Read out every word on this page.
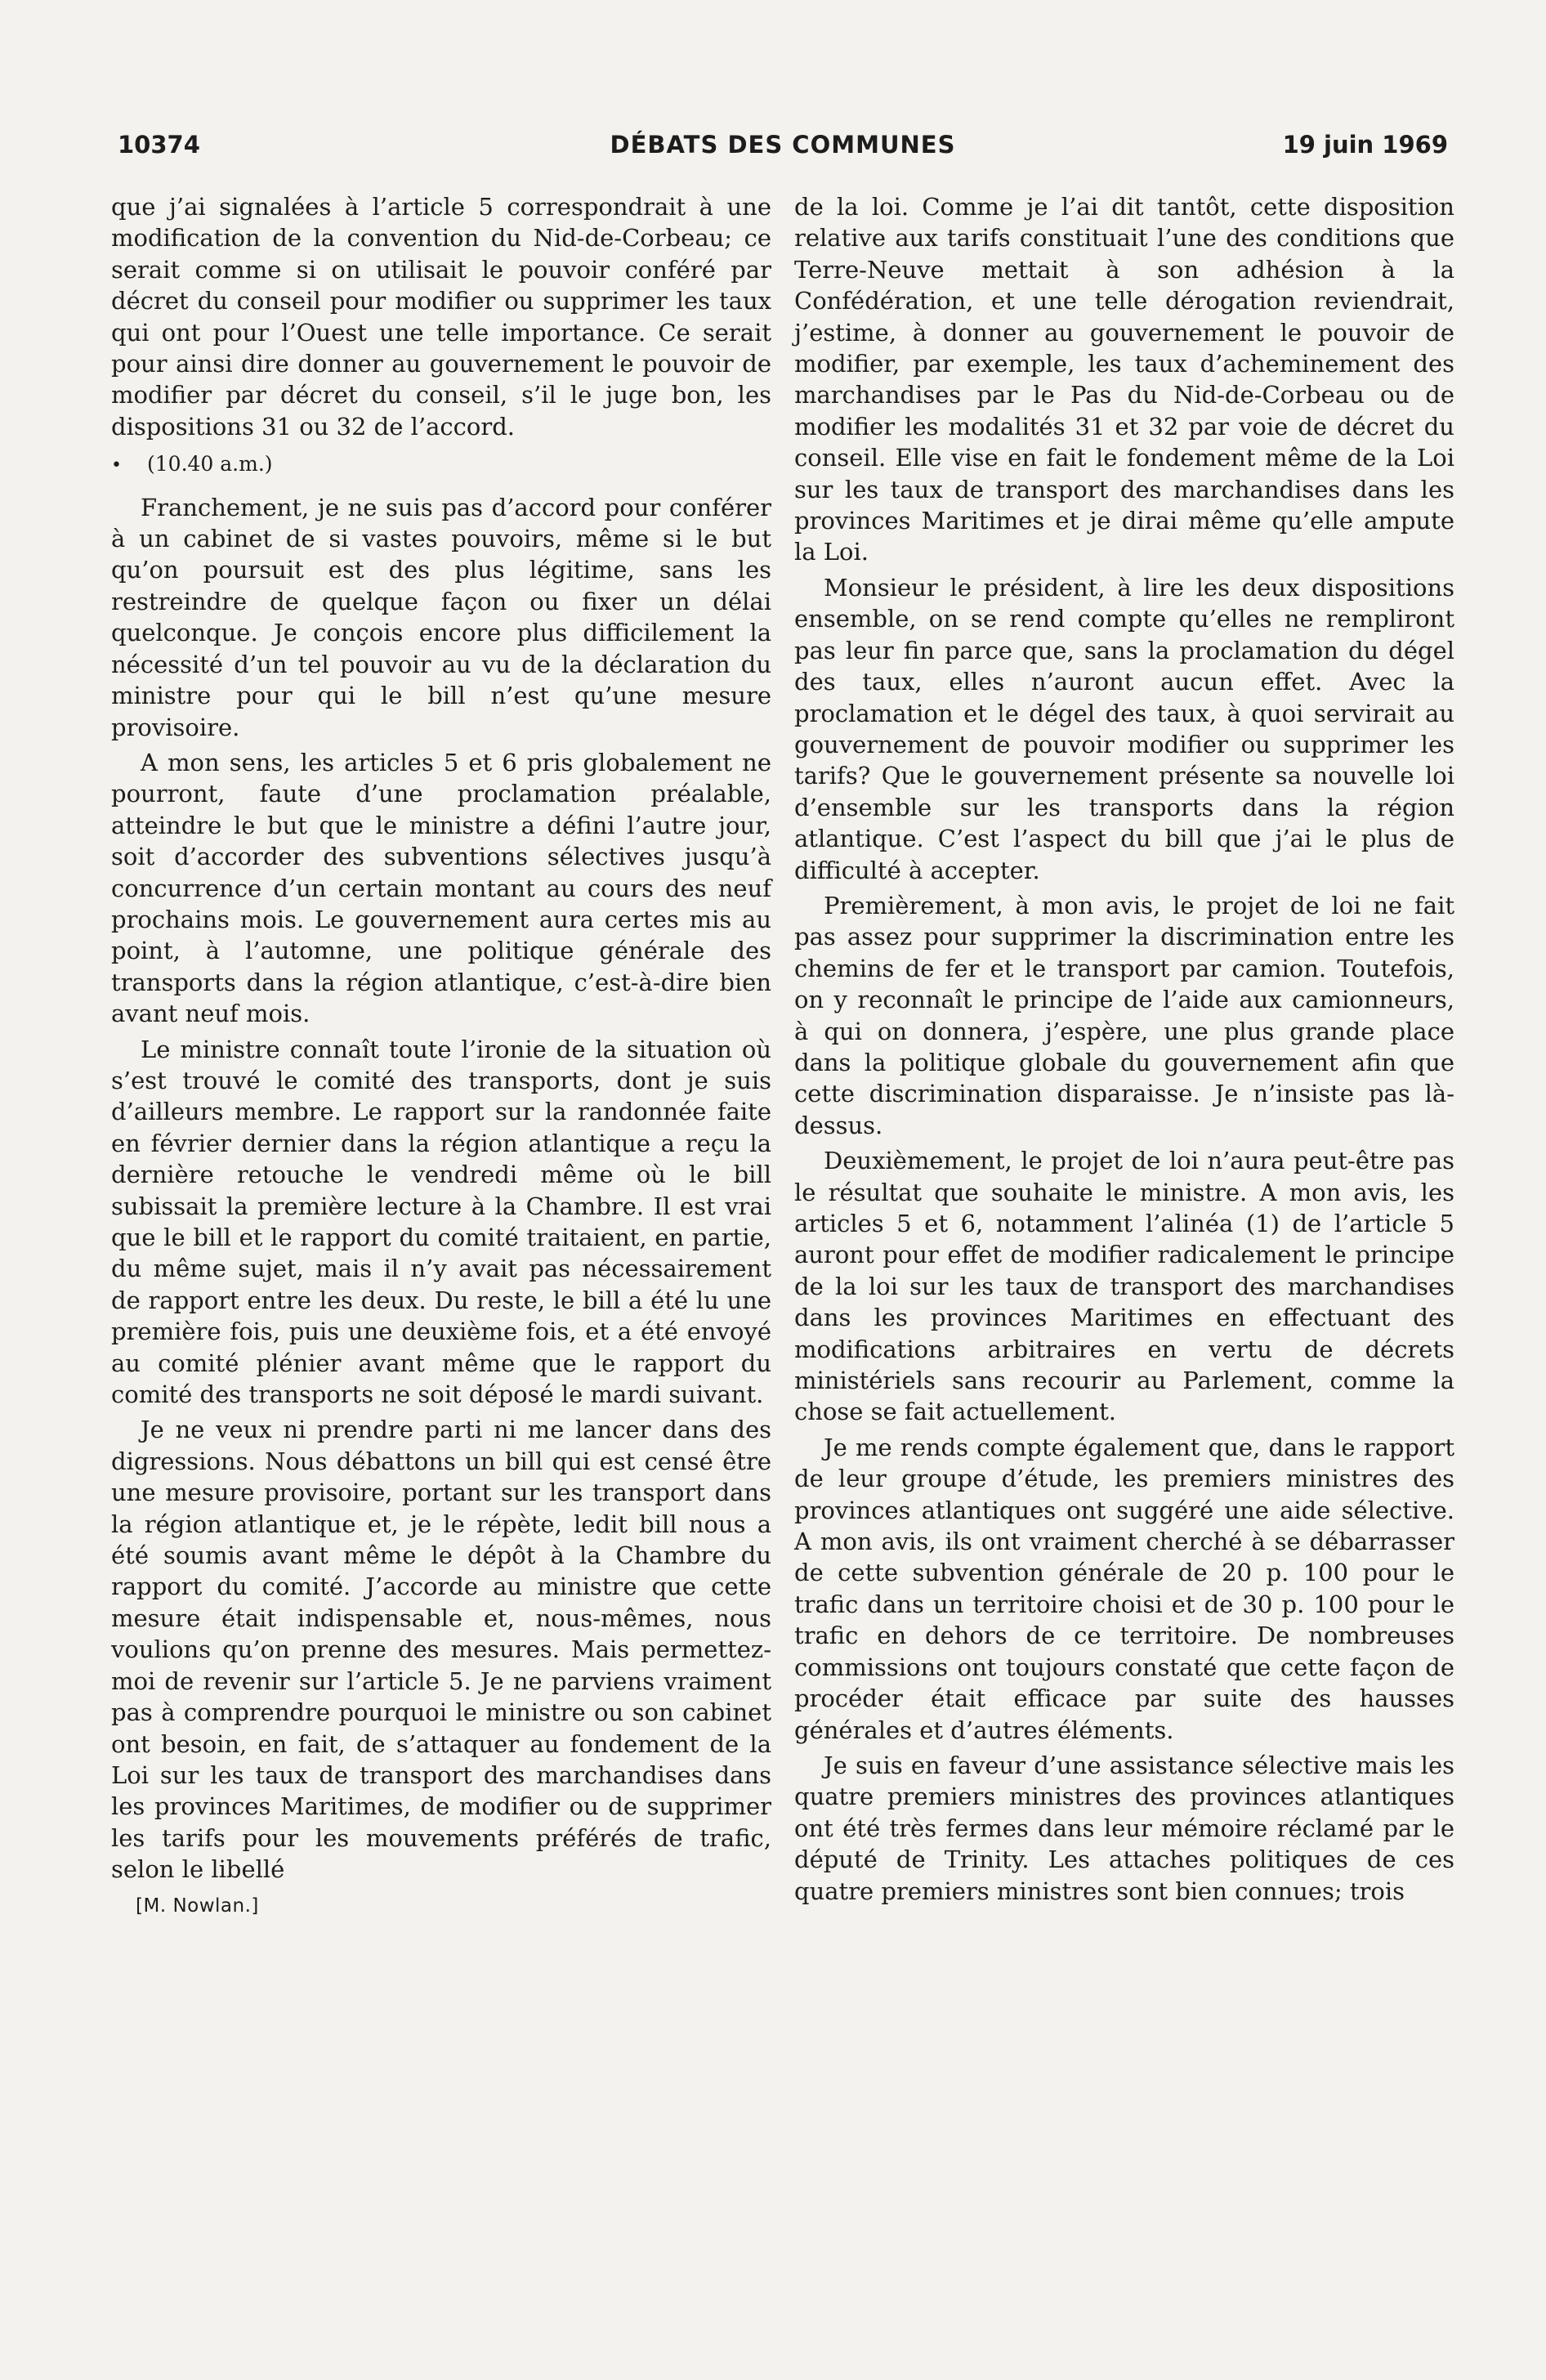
10374	DÉBATS DES COMMUNES	19 juin 1969

que j’ai signalées à l’article 5 correspondrait à une modification de la convention du Nid-de-Corbeau; ce serait comme si on utilisait le pouvoir conféré par décret du conseil pour modifier ou supprimer les taux qui ont pour l’Ouest une telle importance. Ce serait pour ainsi dire donner au gouvernement le pouvoir de modifier par décret du conseil, s’il le juge bon, les dispositions 31 ou 32 de l’accord.

• (10.40 a.m.)

Franchement, je ne suis pas d’accord pour conférer à un cabinet de si vastes pouvoirs, même si le but qu’on poursuit est des plus légitime, sans les restreindre de quelque façon ou fixer un délai quelconque. Je conçois encore plus difficilement la nécessité d’un tel pouvoir au vu de la déclaration du ministre pour qui le bill n’est qu’une mesure provisoire.

A mon sens, les articles 5 et 6 pris globalement ne pourront, faute d’une proclamation préalable, atteindre le but que le ministre a défini l’autre jour, soit d’accorder des subventions sélectives jusqu’à concurrence d’un certain montant au cours des neuf prochains mois. Le gouvernement aura certes mis au point, à l’automne, une politique générale des transports dans la région atlantique, c’est-à-dire bien avant neuf mois.

Le ministre connaît toute l’ironie de la situation où s’est trouvé le comité des transports, dont je suis d’ailleurs membre. Le rapport sur la randonnée faite en février dernier dans la région atlantique a reçu la dernière retouche le vendredi même où le bill subissait la première lecture à la Chambre. Il est vrai que le bill et le rapport du comité traitaient, en partie, du même sujet, mais il n’y avait pas nécessairement de rapport entre les deux. Du reste, le bill a été lu une première fois, puis une deuxième fois, et a été envoyé au comité plénier avant même que le rapport du comité des transports ne soit déposé le mardi suivant.

Je ne veux ni prendre parti ni me lancer dans des digressions. Nous débattons un bill qui est censé être une mesure provisoire, portant sur les transport dans la région atlantique et, je le répète, ledit bill nous a été soumis avant même le dépôt à la Chambre du rapport du comité. J’accorde au ministre que cette mesure était indispensable et, nous-mêmes, nous voulions qu’on prenne des mesures. Mais permettez-moi de revenir sur l’article 5. Je ne parviens vraiment pas à comprendre pourquoi le ministre ou son cabinet ont besoin, en fait, de s’attaquer au fondement de la Loi sur les taux de transport des marchandises dans les provinces Maritimes, de modifier ou de supprimer les tarifs pour les mouvements préférés de trafic, selon le libellé

[M. Nowlan.]

de la loi. Comme je l’ai dit tantôt, cette disposition relative aux tarifs constituait l’une des conditions que Terre-Neuve mettait à son adhésion à la Confédération, et une telle dérogation reviendrait, j’estime, à donner au gouvernement le pouvoir de modifier, par exemple, les taux d’acheminement des marchandises par le Pas du Nid-de-Corbeau ou de modifier les modalités 31 et 32 par voie de décret du conseil. Elle vise en fait le fondement même de la Loi sur les taux de transport des marchandises dans les provinces Maritimes et je dirai même qu’elle ampute la Loi.

Monsieur le président, à lire les deux dispositions ensemble, on se rend compte qu’elles ne rempliront pas leur fin parce que, sans la proclamation du dégel des taux, elles n’auront aucun effet. Avec la proclamation et le dégel des taux, à quoi servirait au gouvernement de pouvoir modifier ou supprimer les tarifs? Que le gouvernement présente sa nouvelle loi d’ensemble sur les transports dans la région atlantique. C’est l’aspect du bill que j’ai le plus de difficulté à accepter.

Premièrement, à mon avis, le projet de loi ne fait pas assez pour supprimer la discrimination entre les chemins de fer et le transport par camion. Toutefois, on y reconnaît le principe de l’aide aux camionneurs, à qui on donnera, j’espère, une plus grande place dans la politique globale du gouvernement afin que cette discrimination disparaisse. Je n’insiste pas là-dessus.

Deuxièmement, le projet de loi n’aura peut-être pas le résultat que souhaite le ministre. A mon avis, les articles 5 et 6, notamment l’alinéa (1) de l’article 5 auront pour effet de modifier radicalement le principe de la loi sur les taux de transport des marchandises dans les provinces Maritimes en effectuant des modifications arbitraires en vertu de décrets ministériels sans recourir au Parlement, comme la chose se fait actuellement.

Je me rends compte également que, dans le rapport de leur groupe d’étude, les premiers ministres des provinces atlantiques ont suggéré une aide sélective. A mon avis, ils ont vraiment cherché à se débarrasser de cette subvention générale de 20 p. 100 pour le trafic dans un territoire choisi et de 30 p. 100 pour le trafic en dehors de ce territoire. De nombreuses commissions ont toujours constaté que cette façon de procéder était efficace par suite des hausses générales et d’autres éléments.

Je suis en faveur d’une assistance sélective mais les quatre premiers ministres des provinces atlantiques ont été très fermes dans leur mémoire réclamé par le député de Trinity. Les attaches politiques de ces quatre premiers ministres sont bien connues; trois
